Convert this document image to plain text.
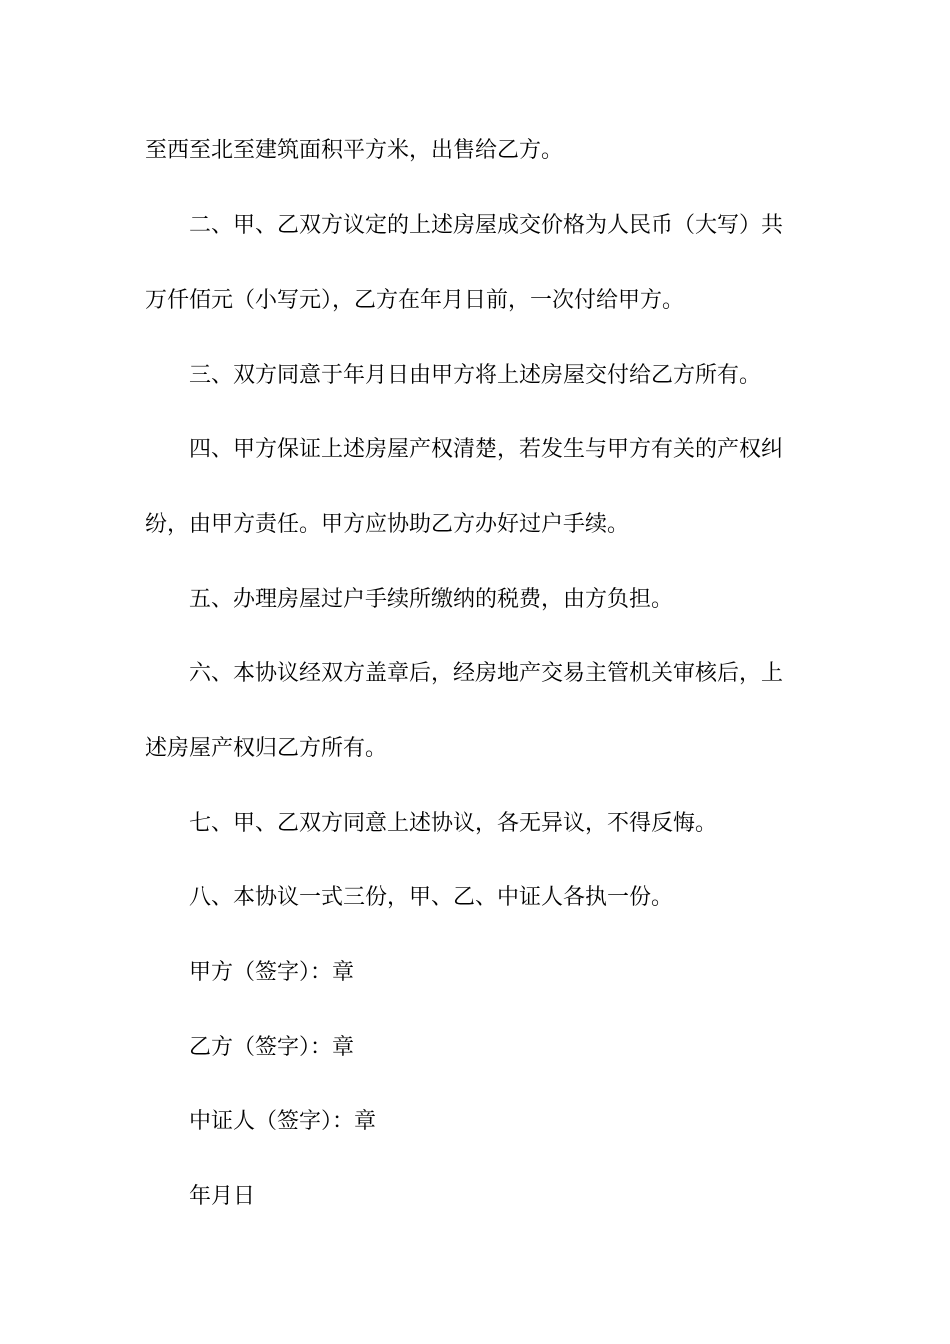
至西至北至建筑面积平方米，出售给乙方。
二、甲、乙双方议定的上述房屋成交价格为人民币（大写）共
万仟佰元（小写元），乙方在年月日前，一次付给甲方。
三、双方同意于年月日由甲方将上述房屋交付给乙方所有。
四、甲方保证上述房屋产权清楚，若发生与甲方有关的产权纠
纷，由甲方责任。甲方应协助乙方办好过户手续。
五、办理房屋过户手续所缴纳的税费，由方负担。
六、本协议经双方盖章后，经房地产交易主管机关审核后，上
述房屋产权归乙方所有。
七、甲、乙双方同意上述协议，各无异议，不得反悔。
八、本协议一式三份，甲、乙、中证人各执一份。
甲方（签字）：章
乙方（签字）：章
中证人（签字）：章
年月日
